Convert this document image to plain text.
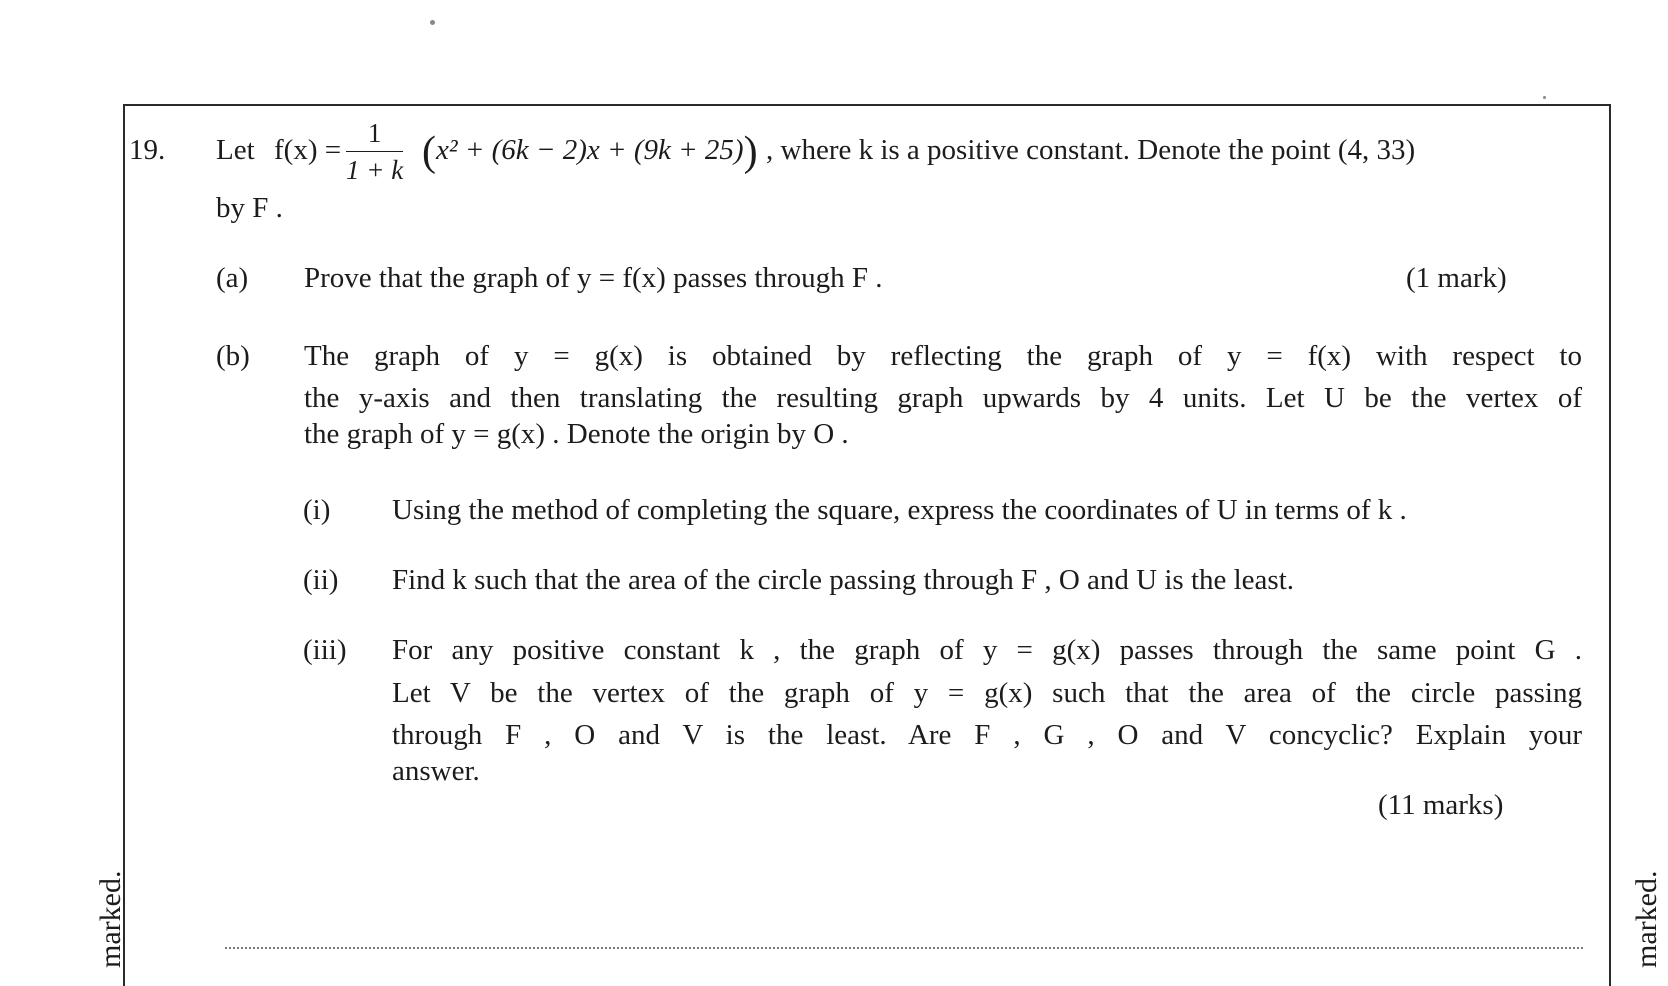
19. Let $f(x) = \frac{1}{1 + k} (x^2 + (6k - 2)x + (9k + 25))$ , where k is a positive constant. Denote the point (4, 33)
by F .
(a) Prove that the graph of y = f(x) passes through F .	(1 mark)
(b) The graph of y = g(x) is obtained by reflecting the graph of y = f(x) with respect to
the y-axis and then translating the resulting graph upwards by 4 units. Let U be the vertex of
the graph of y = g(x) . Denote the origin by O .
(i) Using the method of completing the square, express the coordinates of U in terms of k .
(ii) Find k such that the area of the circle passing through F , O and U is the least.
(iii) For any positive constant k , the graph of y = g(x) passes through the same point G .
Let V be the vertex of the graph of y = g(x) such that the area of the circle passing
through F , O and V is the least. Are F , G , O and V concyclic? Explain your
answer.
(11 marks)
marked.	marked.
